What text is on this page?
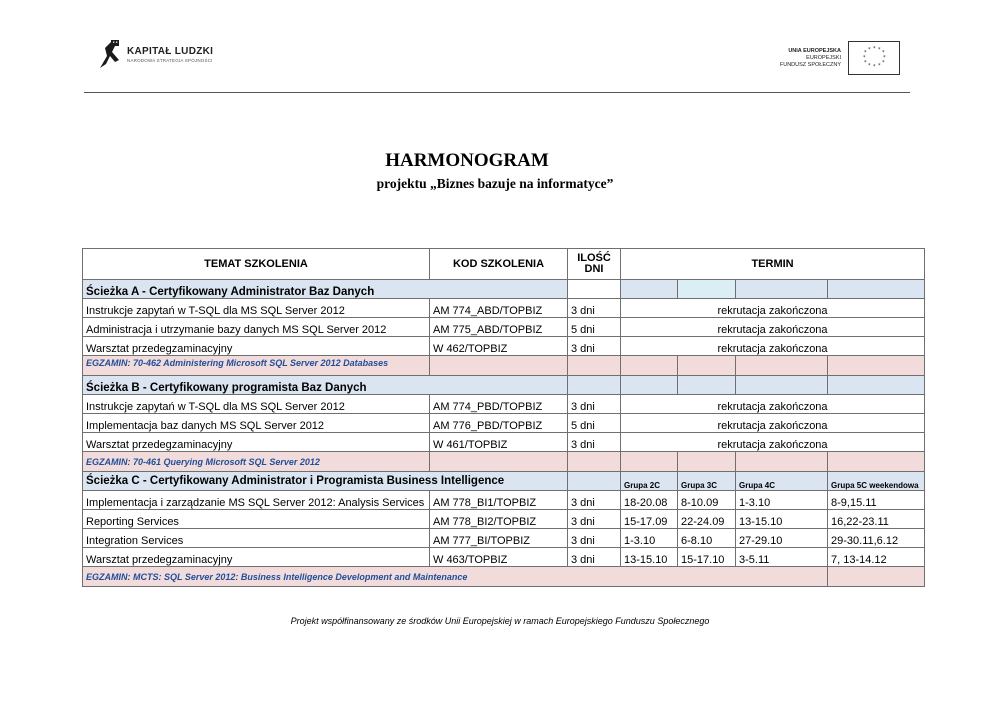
KAPITAŁ LUDZKI
NARODOWA STRATEGIA SPÓJNOŚCI
UNIA EUROPEJSKA
EUROPEJSKI
FUNDUSZ SPOŁECZNY
* * *
*
*
*
*
*
*
*
* *
HARMONOGRAM
projektu „Biznes bazuje na informatyce”
TEMAT SZKOLENIA	KOD SZKOLENIA	ILOŚĆ DNI	TERMIN			
Ścieżka A - Certyfikowany Administrator Baz Danych						
Instrukcje zapytań w T-SQL dla MS SQL Server 2012	AM 774_ABD/TOPBIZ	3 dni	rekrutacja zakończona			
Administracja i utrzymanie bazy danych MS SQL Server 2012	AM 775_ABD/TOPBIZ	5 dni	rekrutacja zakończona			
Warsztat przedegzaminacyjny	W 462/TOPBIZ	3 dni	rekrutacja zakończona			
EGZAMIN: 70-462 Administering Microsoft SQL Server 2012 Databases						
Ścieżka B - Certyfikowany programista Baz Danych						
Instrukcje zapytań w T-SQL dla MS SQL Server 2012	AM 774_PBD/TOPBIZ	3 dni	rekrutacja zakończona			
Implementacja baz danych MS SQL Server 2012	AM 776_PBD/TOPBIZ	5 dni	rekrutacja zakończona			
Warsztat przedegzaminacyjny	W 461/TOPBIZ	3 dni	rekrutacja zakończona			
EGZAMIN: 70-461 Querying Microsoft SQL Server 2012						
Ścieżka C - Certyfikowany Administrator i Programista Business Intelligence			Grupa 2C	Grupa 3C	Grupa 4C	Grupa 5C weekendowa
Implementacja i zarządzanie MS SQL Server 2012: Analysis Services	AM 778_BI1/TOPBIZ	3 dni	18-20.08	8-10.09	1-3.10	8-9,15.11
Reporting Services	AM 778_BI2/TOPBIZ	3 dni	15-17.09	22-24.09	13-15.10	16,22-23.11
Integration Services	AM 777_BI/TOPBIZ	3 dni	1-3.10	6-8.10	27-29.10	29-30.11,6.12
Warsztat przedegzaminacyjny	W 463/TOPBIZ	3 dni	13-15.10	15-17.10	3-5.11	7, 13-14.12
EGZAMIN: MCTS: SQL Server 2012: Business Intelligence Development and Maintenance						
Projekt współfinansowany ze środków Unii Europejskiej w ramach Europejskiego Funduszu Społecznego
